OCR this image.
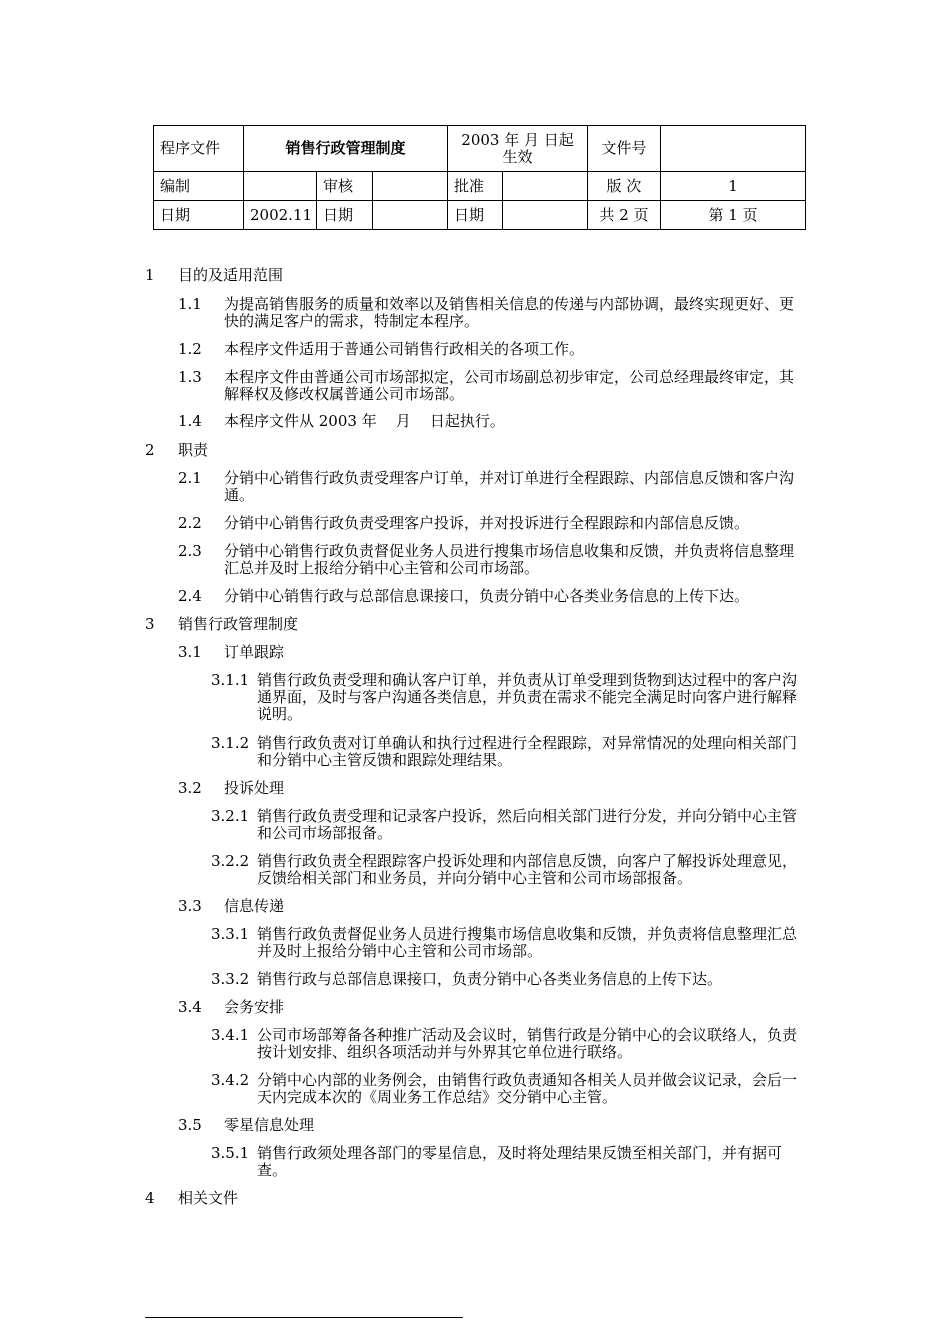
程序文件	销售行政管理制度			2003 年 月 日起生效		文件号	
编制		审核		批准		版 次	1
日期	2002.11	日期		日期		共 2 页	第 1 页
1 目的及适用范围
1.1 为提高销售服务的质量和效率以及销售相关信息的传递与内部协调，最终实现更好、更快的满足客户的需求，特制定本程序。
1.2 本程序文件适用于普通公司销售行政相关的各项工作。
1.3 本程序文件由普通公司市场部拟定，公司市场副总初步审定，公司总经理最终审定，其解释权及修改权属普通公司市场部。
1.4 本程序文件从 2003 年    月    日起执行。
2 职责
2.1 分销中心销售行政负责受理客户订单，并对订单进行全程跟踪、内部信息反馈和客户沟通。
2.2 分销中心销售行政负责受理客户投诉，并对投诉进行全程跟踪和内部信息反馈。
2.3 分销中心销售行政负责督促业务人员进行搜集市场信息收集和反馈，并负责将信息整理汇总并及时上报给分销中心主管和公司市场部。
2.4 分销中心销售行政与总部信息课接口，负责分销中心各类业务信息的上传下达。
3 销售行政管理制度
3.1 订单跟踪
3.1.1 销售行政负责受理和确认客户订单，并负责从订单受理到货物到达过程中的客户沟通界面，及时与客户沟通各类信息，并负责在需求不能完全满足时向客户进行解释说明。
3.1.2 销售行政负责对订单确认和执行过程进行全程跟踪，对异常情况的处理向相关部门和分销中心主管反馈和跟踪处理结果。
3.2 投诉处理
3.2.1 销售行政负责受理和记录客户投诉，然后向相关部门进行分发，并向分销中心主管和公司市场部报备。
3.2.2 销售行政负责全程跟踪客户投诉处理和内部信息反馈，向客户了解投诉处理意见，反馈给相关部门和业务员，并向分销中心主管和公司市场部报备。
3.3 信息传递
3.3.1 销售行政负责督促业务人员进行搜集市场信息收集和反馈，并负责将信息整理汇总并及时上报给分销中心主管和公司市场部。
3.3.2 销售行政与总部信息课接口，负责分销中心各类业务信息的上传下达。
3.4 会务安排
3.4.1 公司市场部筹备各种推广活动及会议时，销售行政是分销中心的会议联络人，负责按计划安排、组织各项活动并与外界其它单位进行联络。
3.4.2 分销中心内部的业务例会，由销售行政负责通知各相关人员并做会议记录，会后一天内完成本次的《周业务工作总结》交分销中心主管。
3.5 零星信息处理
3.5.1 销售行政须处理各部门的零星信息，及时将处理结果反馈至相关部门，并有据可查。
4 相关文件
